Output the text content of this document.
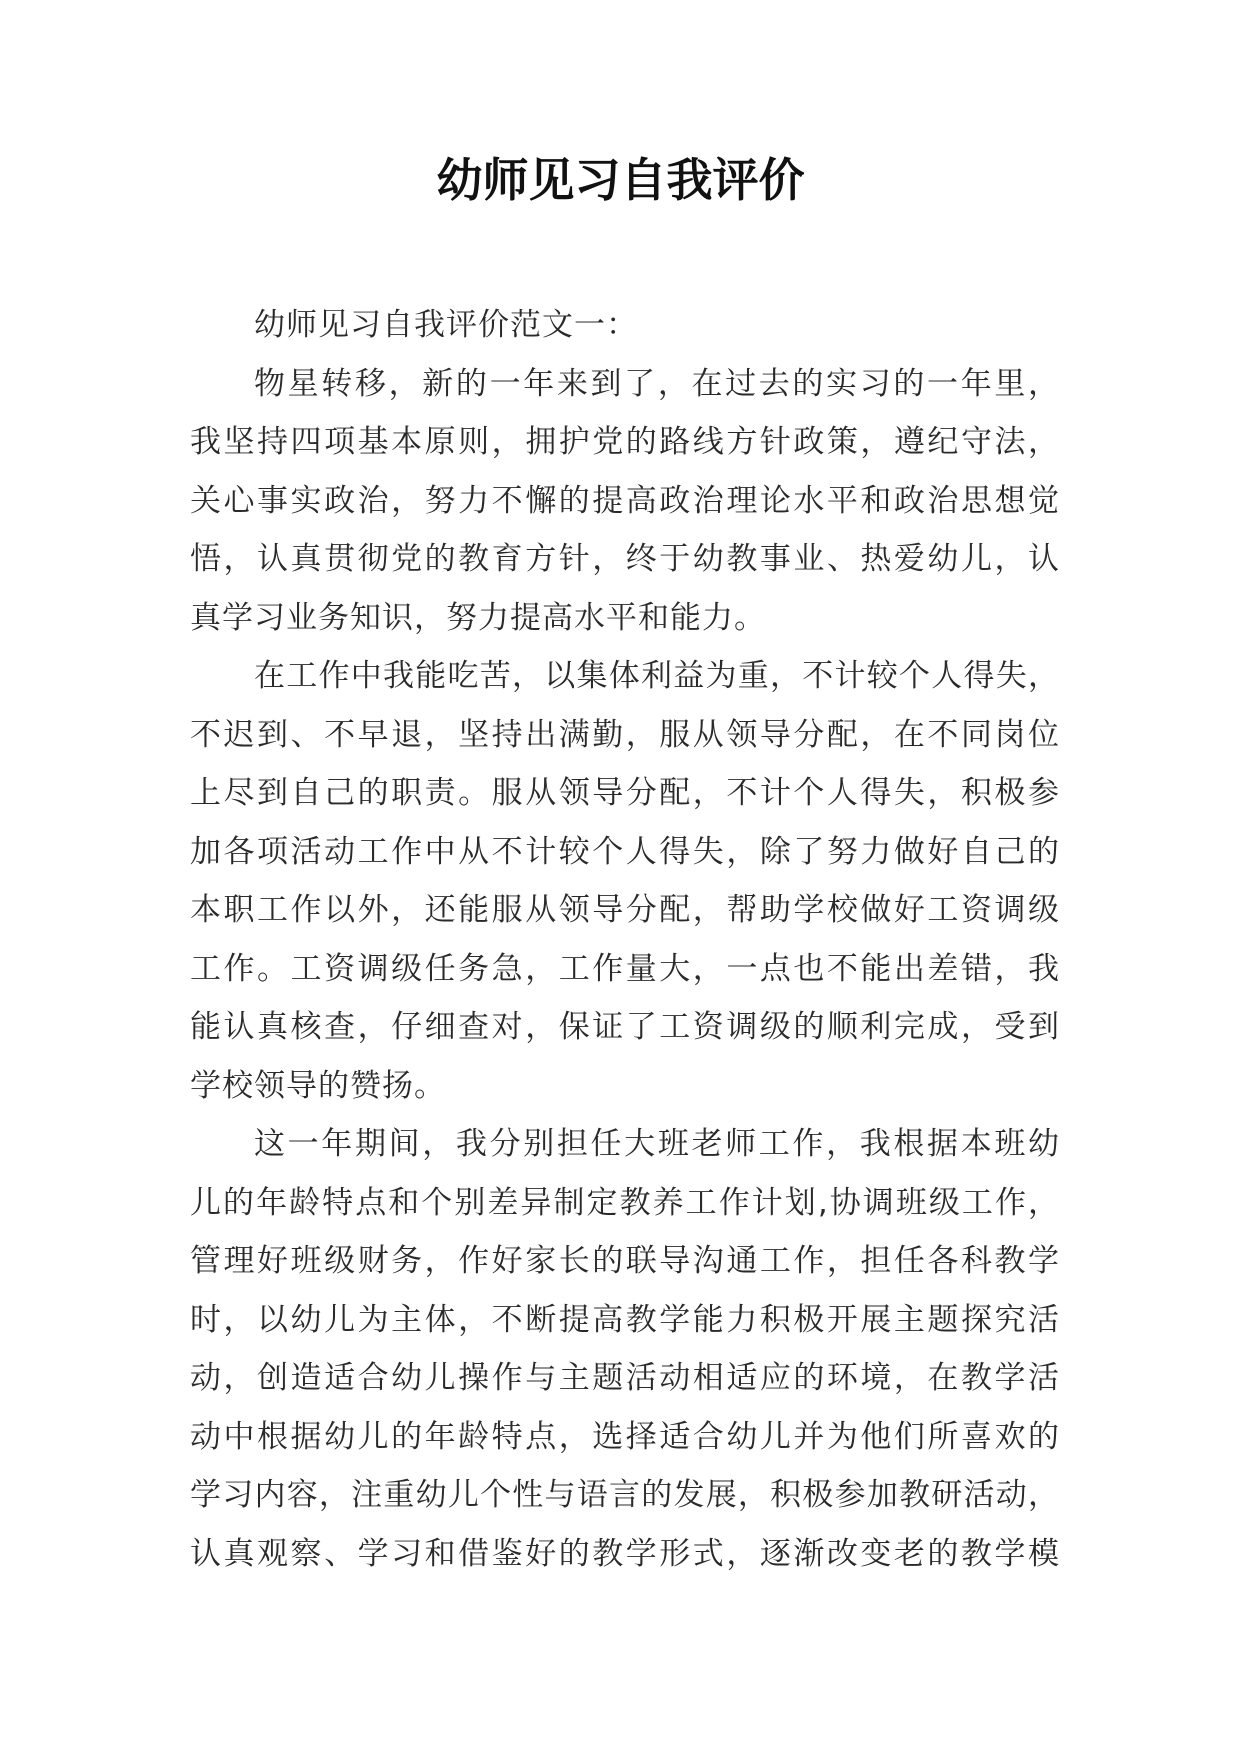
幼师见习自我评价
幼师见习自我评价范文一：
物星转移，新的一年来到了，在过去的实习的一年里，
我坚持四项基本原则，拥护党的路线方针政策，遵纪守法，
关心事实政治，努力不懈的提高政治理论水平和政治思想觉
悟，认真贯彻党的教育方针，终于幼教事业、热爱幼儿，认
真学习业务知识，努力提高水平和能力。
在工作中我能吃苦，以集体利益为重，不计较个人得失，
不迟到、不早退，坚持出满勤，服从领导分配，在不同岗位
上尽到自己的职责。服从领导分配，不计个人得失，积极参
加各项活动工作中从不计较个人得失，除了努力做好自己的
本职工作以外，还能服从领导分配，帮助学校做好工资调级
工作。工资调级任务急，工作量大，一点也不能出差错，我
能认真核查，仔细查对，保证了工资调级的顺利完成，受到
学校领导的赞扬。
这一年期间，我分别担任大班老师工作，我根据本班幼
儿的年龄特点和个别差异制定教养工作计划,协调班级工作，
管理好班级财务，作好家长的联导沟通工作，担任各科教学
时，以幼儿为主体，不断提高教学能力积极开展主题探究活
动，创造适合幼儿操作与主题活动相适应的环境，在教学活
动中根据幼儿的年龄特点，选择适合幼儿并为他们所喜欢的
学习内容，注重幼儿个性与语言的发展，积极参加教研活动，
认真观察、学习和借鉴好的教学形式，逐渐改变老的教学模
